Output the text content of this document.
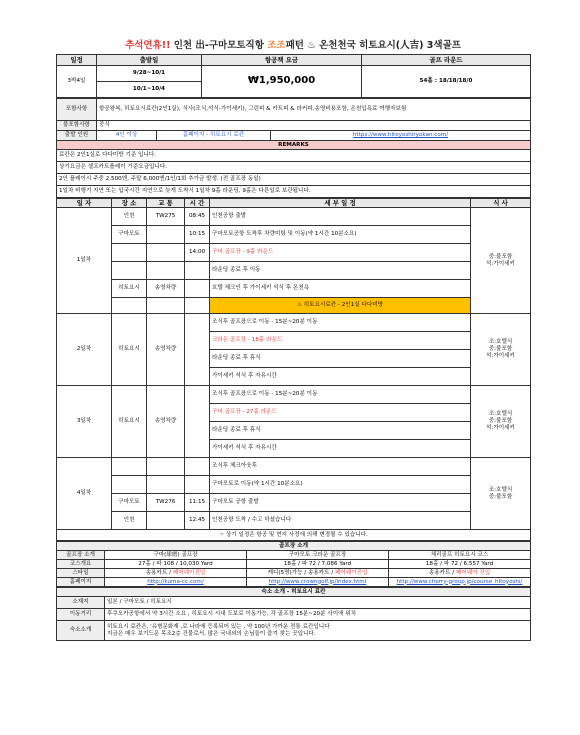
추석연휴!! 인천 出-구마모토직항 조조패턴 ♨ 온천천국 히토요시(人吉) 3색골프
일정	출발일	항공책 요금	골프 라운드
3박4일	9/28~10/1	₩1,950,000	54홀 : 18/18/18/0
	10/1~10/4		
포함사항	항공왕복, 히토요시료칸(2인1실), 식사(조식,석식-가이세키), 그린피 & 카트피 & 라커피,송영비용포함, 온천입욕료 여행자보험		
불포함사항	중식		
출발 인원	4인 이상	홈페이지 - 히토요시 료칸	https://www.hitoyoshiryokan.com/
REMARKS			
료칸은 2인1실로 다다미방 기준 입니다.			
상기요금은 셀프카트플레이 기준요금입니다.			
2인 플레이시 주중 2,500엔, 주말 6,000엔/1인/1회 추가금 발생. (전 골프장 동일)			
1일차 비행기 지연 또는 입국시간 지연으로 늦게 도착시 1일차 9홀 라운딩, 9홀은 다른일로 보관됩니다.			
일 자	장 소	교 통	시 간	세 부 일 정	식 사
1일차	인천	TW275	08:45	인천공항 출발	중:불포함
석:가이세키
	구마모토		10:15	구마모토공항 도착후 차량미팅 및 이동(약 1시간 10분소요)	
			14:00	구마 골프장 - 9홀 라운드	
				라운딩 종료 후 이동	
	히토요시	송영차량		호텔 체크인 후 가이세키 석식 후 온천욕	
				♨ 히토요시료칸 - 2인1실 다다미방	
2일차	히토요시	송영차량		조식후 골프장으로 이동 - 15분~20분 이동	조:호텔식
중:불포함
석:가이세키
				크라운 골프장 - 18홀 라운드	
				라운딩 종료 후 휴식	
				가이세키 석식 후 자유시간	
3일차	히토요시	송영차량		조식후 골프장으로 이동 - 15분~20분 이동	조:호텔식
중:불포함
석:가이세키
				구마 골프장 - 27홀 라운드	
				라운딩 종료 후 휴식	
				가이세키 석식 후 자유시간	
4일차				조식후 체크아웃후	조:호텔식
중:불포함
				구마모토로 이동(약 1시간 10분소요)	
	구마모토	TW276	11:15	구마모토 공항 출발	
	인천		12:45	인천공항 도착 / 수고 하셨습니다	
☞ 상기 일정은 항공 및 현지 사정에 의해 변경될 수 있습니다.					
골프장 소개			
골프장 소개	구마(球磨) 골프장	구마모토 크라운 골프장	체리골프 히토요시 코스
코스개요	27홀 / 파 108 / 10,030 Yard	18홀 / 파 72 / 7,086 Yard	18홀 / 파 72 / 6,557 Yard
스타일	송용카트 / 페어웨이진입	캐디(5명)가능 / 송용카트 / 페어웨이진입	송용카트 / 페어웨이 진입
홈페이지	http://kuma-cc.com/	http://www.crowngolf.jp/index.html	http://www.cherry-group.jp/course_hitoyoshi/
숙소 소개 - 히토요시 료칸	
소재지	일본 / 구마모토 / 히토요시
이동거리	후쿠오카공항에서 약 3시간 소요 , 히토요시 시내 도보로 이동가능, 각 골프장 15분~20분 사이에 위치
숙소소개	히토요시 료칸은, '유형문화재 ,로 나라에 등록되어 있는 , 약 100년 가까운 전통 료칸입니다
지금은 매우 보기드문 목조2층 건물로서, 많은 국내외의 손님들이 즐겨 찾는 곳입니다.
